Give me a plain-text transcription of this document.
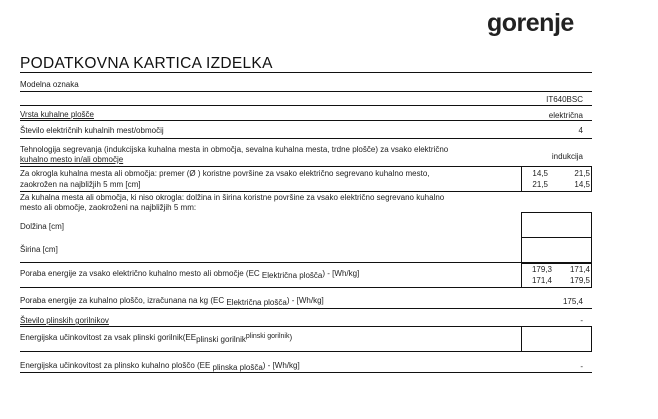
gorenje
PODATKOVNA KARTICA IZDELKA
Modelna oznaka
IT640BSC
Vrsta kuhalne plošče	električna
Število električnih kuhalnih mest/območij	4
Tehnologija segrevanja (indukcijska kuhalna mesta in območja, sevalna kuhalna mesta, trdne plošče) za vsako električno
kuhalno mesto in/ali območje	indukcija
Za okrogla kuhalna mesta ali območja: premer (Ø ) koristne površine za vsako električno segrevano kuhalno mesto,
zaokrožen na najbližjih 5 mm [cm]
14,5	21,5
21,5	14,5
Za kuhalna mesta ali območja, ki niso okrogla: dolžina in širina koristne površine za vsako električno segrevano kuhalno
mesto ali območje, zaokroženi na najbližjih 5 mm:
Dolžina [cm]
Širina [cm]
Poraba energije za vsako električno kuhalno mesto ali območje (EC Električna plošča) - [Wh/kg]	179,3	171,4
171,4	179,5
Poraba energije za kuhalno ploščo, izračunana na kg (EC Električna plošča) - [Wh/kg]	175,4
Število plinskih gorilnikov	-
Energijska učinkovitost za vsak plinski gorilnik(EEplinski gorilnikplinski gorilnik)
Energijska učinkovitost za plinsko kuhalno ploščo (EE plinska plošča) - [Wh/kg]	-
